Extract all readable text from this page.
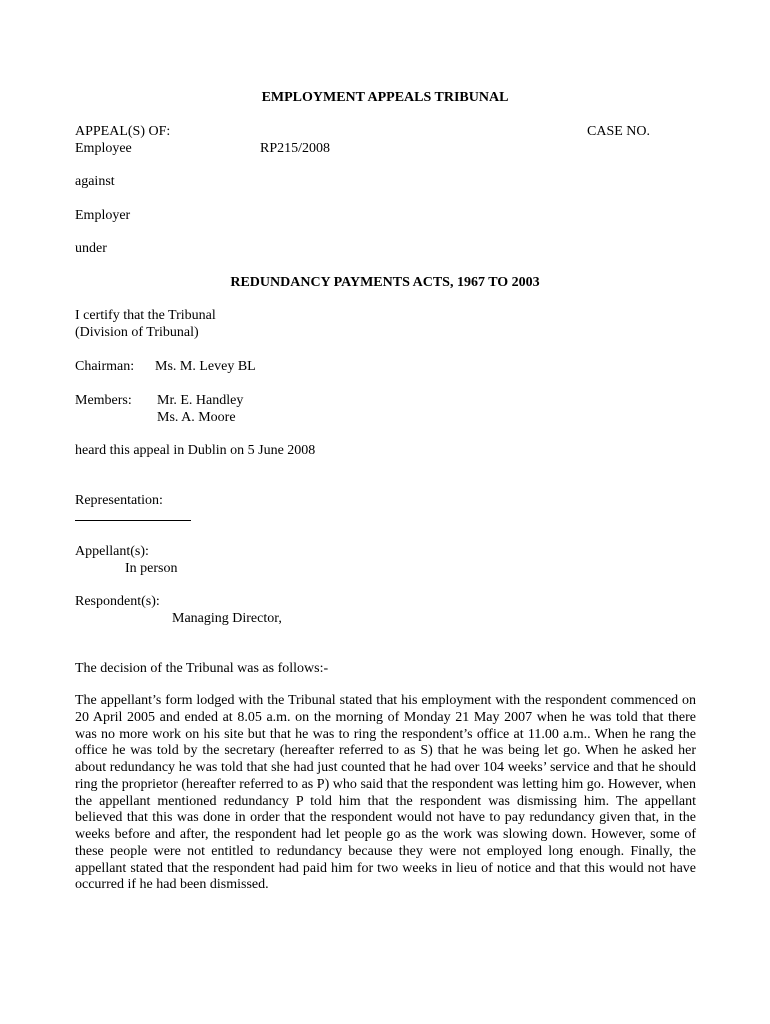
EMPLOYMENT APPEALS TRIBUNAL
APPEAL(S) OF:	CASE NO.
Employee	RP215/2008
against
Employer
under
REDUNDANCY PAYMENTS ACTS, 1967 TO 2003
I certify that the Tribunal
(Division of Tribunal)
Chairman: Ms. M. Levey BL
Members: Mr. E. Handley
Ms. A. Moore
heard this appeal in Dublin on 5 June 2008
Representation:
Appellant(s):
In person
Respondent(s):
Managing Director,
The decision of the Tribunal was as follows:-
The appellant’s form lodged with the Tribunal stated that his employment with the respondent commenced on 20 April 2005 and ended at 8.05 a.m. on the morning of Monday 21 May 2007 when he was told that there was no more work on his site but that he was to ring the respondent’s office at 11.00 a.m.. When he rang the office he was told by the secretary (hereafter referred to as S) that he was being let go. When he asked her about redundancy he was told that she had just counted that he had over 104 weeks’ service and that he should ring the proprietor (hereafter referred to as P) who said that the respondent was letting him go. However, when the appellant mentioned redundancy P told him that the respondent was dismissing him. The appellant believed that this was done in order that the respondent would not have to pay redundancy given that, in the weeks before and after, the respondent had let people go as the work was slowing down. However, some of these people were not entitled to redundancy because they were not employed long enough. Finally, the appellant stated that the respondent had paid him for two weeks in lieu of notice and that this would not have occurred if he had been dismissed.
